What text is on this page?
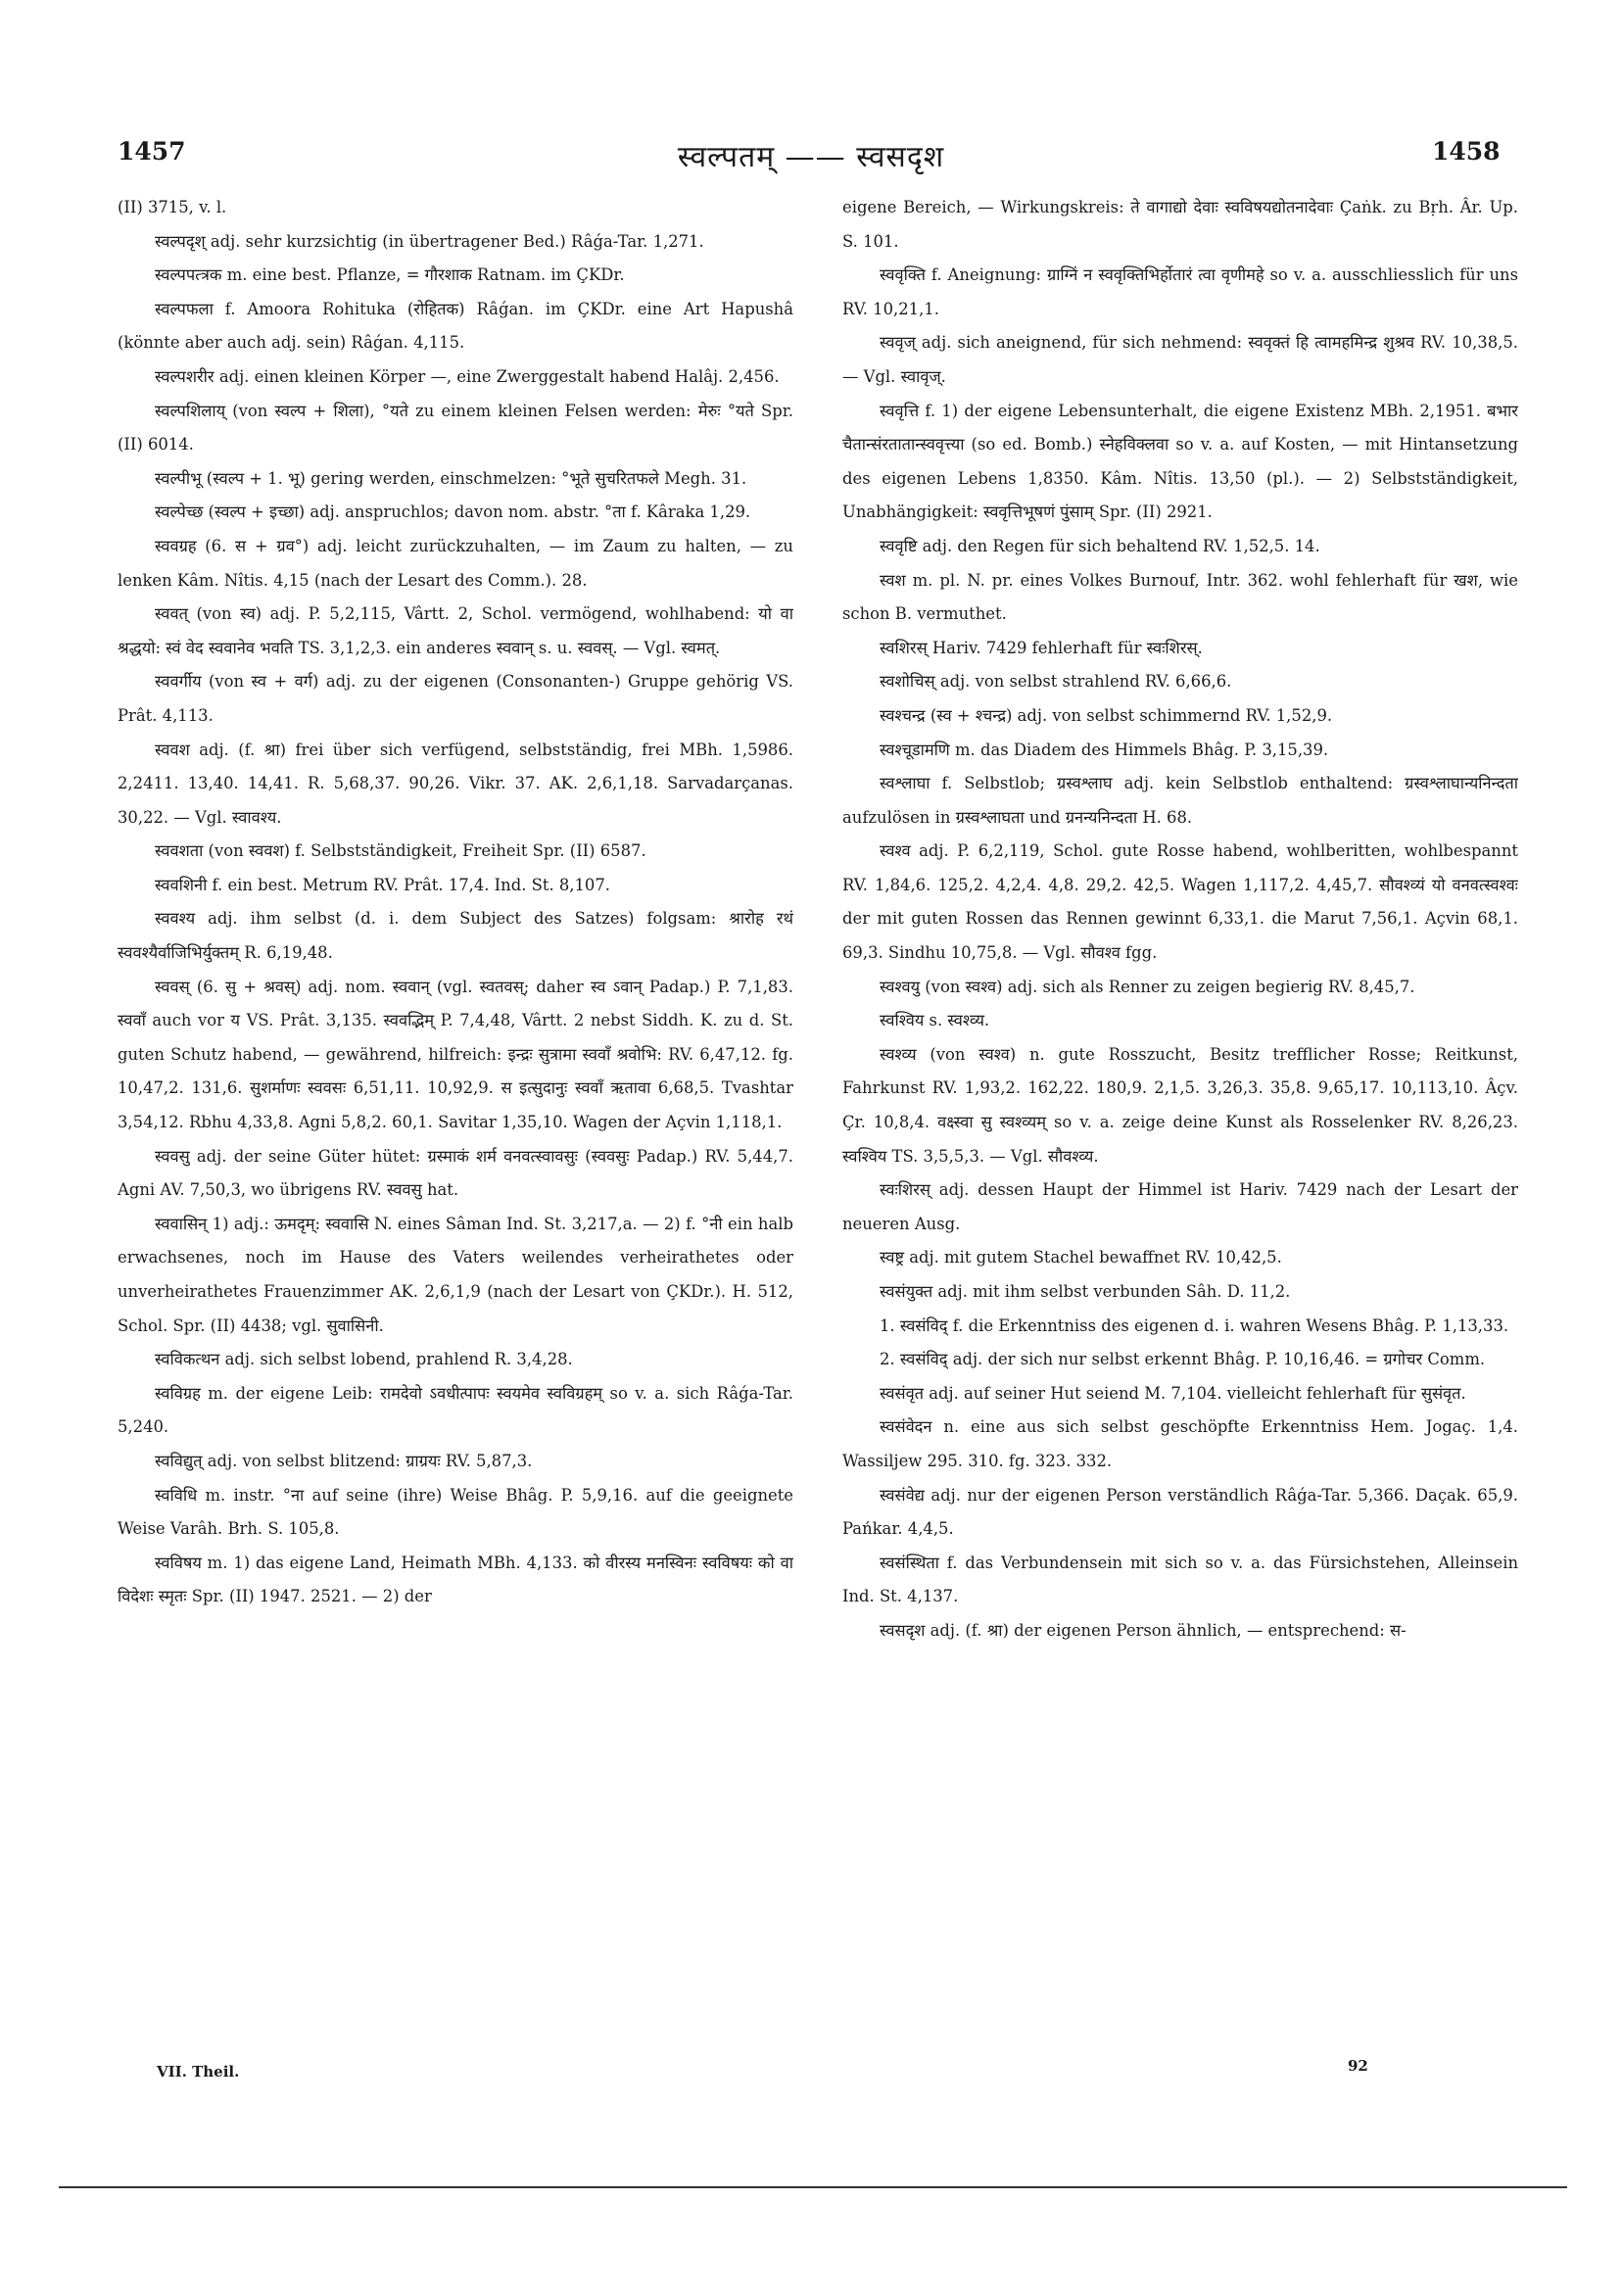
1457	स्वल्पतम् —— स्वसदृश	1458

(II) 3715, v. l.

स्वल्पदृश् adj. sehr kurzsichtig (in übertragener Bed.) Râǵa-Tar. 1,271.

स्वल्पपत्त्रक m. eine best. Pflanze, = गौरशाक Ratnam. im ÇKDr.

स्वल्पफला f. Amoora Rohituka (रोहितक) Râǵan. im ÇKDr. eine Art Hapushâ (könnte aber auch adj. sein) Râǵan. 4,115.

स्वल्पशरीर adj. einen kleinen Körper —, eine Zwerggestalt habend Halâj. 2,456.

स्वल्पशिलाय् (von स्वल्प + शिला), °यते zu einem kleinen Felsen werden: मेरुः °यते Spr. (II) 6014.

स्वल्पीभू (स्वल्प + 1. भू) gering werden, einschmelzen: °भूते सुचरितफले Megh. 31.

स्वल्पेच्छ (स्वल्प + इच्छा) adj. anspruchlos; davon nom. abstr. °ता f. Kâraka 1,29.

स्ववग्रह (6. स + ग्रव°) adj. leicht zurückzuhalten, — im Zaum zu halten, — zu lenken Kâm. Nîtis. 4,15 (nach der Lesart des Comm.). 28.

स्ववत् (von स्व) adj. P. 5,2,115, Vârtt. 2, Schol. vermögend, wohlhabend: यो वा श्रद्धयो: स्वं वेद स्ववानेव भवति TS. 3,1,2,3. ein anderes स्ववान् s. u. स्ववस्. — Vgl. स्वमत्.

स्ववर्गीय (von स्व + वर्ग) adj. zu der eigenen (Consonanten-) Gruppe gehörig VS. Prât. 4,113.

स्ववश adj. (f. श्रा) frei über sich verfügend, selbstständig, frei MBh. 1,5986. 2,2411. 13,40. 14,41. R. 5,68,37. 90,26. Vikr. 37. AK. 2,6,1,18. Sarvadarçanas. 30,22. — Vgl. स्वावश्य.

स्ववशता (von स्ववश) f. Selbstständigkeit, Freiheit Spr. (II) 6587.

स्ववशिनी f. ein best. Metrum RV. Prât. 17,4. Ind. St. 8,107.

स्ववश्य adj. ihm selbst (d. i. dem Subject des Satzes) folgsam: श्रारोह रथं स्ववश्यैर्वाजिभिर्युक्तम् R. 6,19,48.

स्ववस् (6. सु + श्रवस्) adj. nom. स्ववान् (vgl. स्वतवस्; daher स्व ऽवान् Padap.) P. 7,1,83. स्ववाँ auch vor य VS. Prât. 3,135. स्ववद्भिम् P. 7,4,48, Vârtt. 2 nebst Siddh. K. zu d. St. guten Schutz habend, — gewährend, hilfreich: इन्द्रः सुत्रामा स्ववाँ श्रवोभि: RV. 6,47,12. fg. 10,47,2. 131,6. सुशर्माणः स्ववसः 6,51,11. 10,92,9. स इत्सुदानुः स्ववाँ ऋतावा 6,68,5. Tvashtar 3,54,12. Rbhu 4,33,8. Agni 5,8,2. 60,1. Savitar 1,35,10. Wagen der Açvin 1,118,1.

स्ववसु adj. der seine Güter hütet: ग्रस्माकं शर्म वनवत्स्वावसुः (स्ववसुः Padap.) RV. 5,44,7. Agni AV. 7,50,3, wo übrigens RV. स्ववसु hat.

स्ववासिन् 1) adj.: ऊमदृम्: स्ववासि N. eines Sâman Ind. St. 3,217,a. — 2) f. °नी ein halb erwachsenes, noch im Hause des Vaters weilendes verheirathetes oder unverheirathetes Frauenzimmer AK. 2,6,1,9 (nach der Lesart von ÇKDr.). H. 512, Schol. Spr. (II) 4438; vgl. सुवासिनी.

स्वविकत्थन adj. sich selbst lobend, prahlend R. 3,4,28.

स्वविग्रह m. der eigene Leib: रामदेवो ऽवधीत्पापः स्वयमेव स्वविग्रहम् so v. a. sich Râǵa-Tar. 5,240.

स्वविद्युत् adj. von selbst blitzend: ग्राग्रयः RV. 5,87,3.

स्वविधि m. instr. °ना auf seine (ihre) Weise Bhâg. P. 5,9,16. auf die geeignete Weise Varâh. Brh. S. 105,8.

स्वविषय m. 1) das eigene Land, Heimath MBh. 4,133. को वीरस्य मनस्विनः स्वविषयः को वा विदेशः स्मृतः Spr. (II) 1947. 2521. — 2) der

eigene Bereich, — Wirkungskreis: ते वागाद्यो देवाः स्वविषयद्योतनादेवाः Çaṅk. zu Bṛh. Âr. Up. S. 101.

स्ववृक्ति f. Aneignung: ग्राग्निं न स्ववृक्तिभिर्होतारं त्वा वृणीमहे so v. a. ausschliesslich für uns RV. 10,21,1.

स्ववृज् adj. sich aneignend, für sich nehmend: स्ववृक्तं हि त्वामहमिन्द्र शुश्रव RV. 10,38,5. — Vgl. स्वावृज्.

स्ववृत्ति f. 1) der eigene Lebensunterhalt, die eigene Existenz MBh. 2,1951. बभार चैतान्संरतातान्स्ववृत्त्या (so ed. Bomb.) स्नेहविक्लवा so v. a. auf Kosten, — mit Hintansetzung des eigenen Lebens 1,8350. Kâm. Nîtis. 13,50 (pl.). — 2) Selbstständigkeit, Unabhängigkeit: स्ववृत्तिभूषणं पुंसाम् Spr. (II) 2921.

स्ववृष्टि adj. den Regen für sich behaltend RV. 1,52,5. 14.

स्वश m. pl. N. pr. eines Volkes Burnouf, Intr. 362. wohl fehlerhaft für खश, wie schon B. vermuthet.

स्वशिरस् Hariv. 7429 fehlerhaft für स्वःशिरस्.

स्वशोचिस् adj. von selbst strahlend RV. 6,66,6.

स्वश्चन्द्र (स्व + श्चन्द्र) adj. von selbst schimmernd RV. 1,52,9.

स्वश्चूडामणि m. das Diadem des Himmels Bhâg. P. 3,15,39.

स्वश्लाघा f. Selbstlob; ग्रस्वश्लाघ adj. kein Selbstlob enthaltend: ग्रस्वश्लाघान्यनिन्दता aufzulösen in ग्रस्वश्लाघता und ग्रनन्यनिन्दता H. 68.

स्वश्व adj. P. 6,2,119, Schol. gute Rosse habend, wohlberitten, wohlbespannt RV. 1,84,6. 125,2. 4,2,4. 4,8. 29,2. 42,5. Wagen 1,117,2. 4,45,7. सौवश्व्यं यो वनवत्स्वश्वः der mit guten Rossen das Rennen gewinnt 6,33,1. die Marut 7,56,1. Açvin 68,1. 69,3. Sindhu 10,75,8. — Vgl. सौवश्व fgg.

स्वश्वयु (von स्वश्व) adj. sich als Renner zu zeigen begierig RV. 8,45,7.

स्वश्विय s. स्वश्व्य.

स्वश्व्य (von स्वश्व) n. gute Rosszucht, Besitz trefflicher Rosse; Reitkunst, Fahrkunst RV. 1,93,2. 162,22. 180,9. 2,1,5. 3,26,3. 35,8. 9,65,17. 10,113,10. Âçv. Çr. 10,8,4. वक्ष्स्वा सु स्वश्व्यम् so v. a. zeige deine Kunst als Rosselenker RV. 8,26,23. स्वश्विय TS. 3,5,5,3. — Vgl. सौवश्व्य.

स्वःशिरस् adj. dessen Haupt der Himmel ist Hariv. 7429 nach der Lesart der neueren Ausg.

स्वष्ट्र adj. mit gutem Stachel bewaffnet RV. 10,42,5.

स्वसंयुक्त adj. mit ihm selbst verbunden Sâh. D. 11,2.

1. स्वसंविद् f. die Erkenntniss des eigenen d. i. wahren Wesens Bhâg. P. 1,13,33.

2. स्वसंविद् adj. der sich nur selbst erkennt Bhâg. P. 10,16,46. = ग्रगोचर Comm.

स्वसंवृत adj. auf seiner Hut seiend M. 7,104. vielleicht fehlerhaft für सुसंवृत.

स्वसंवेदन n. eine aus sich selbst geschöpfte Erkenntniss Hem. Jogaç. 1,4. Wassiljew 295. 310. fg. 323. 332.

स्वसंवेद्य adj. nur der eigenen Person verständlich Râǵa-Tar. 5,366. Daçak. 65,9. Pańkar. 4,4,5.

स्वसंस्थिता f. das Verbundensein mit sich so v. a. das Fürsichstehen, Alleinsein Ind. St. 4,137.

स्वसदृश adj. (f. श्रा) der eigenen Person ähnlich, — entsprechend: स-

VII. Theil.	92
